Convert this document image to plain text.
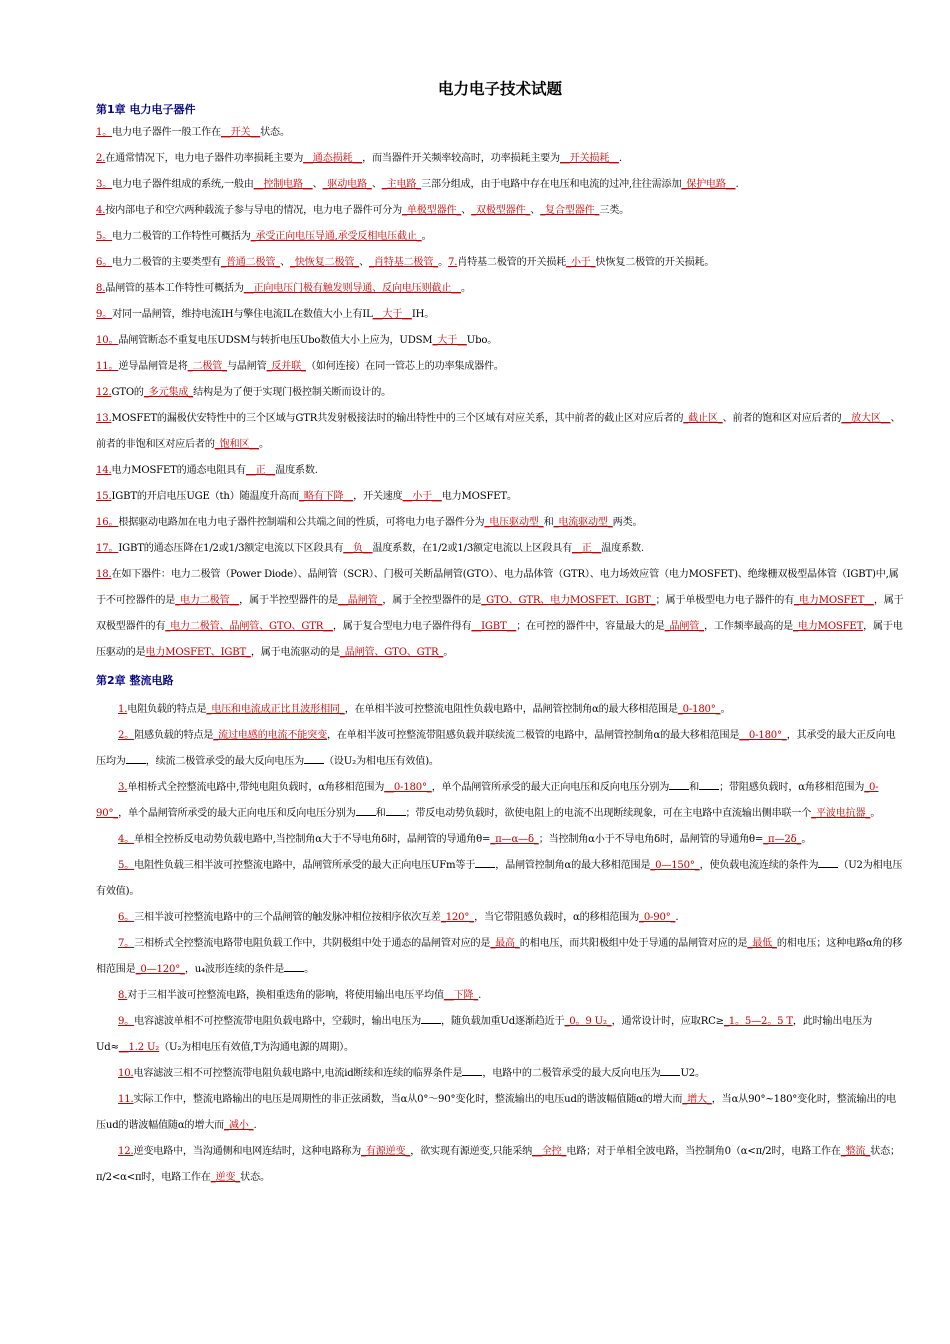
电力电子技术试题
第1章 电力电子器件
1。电力电子器件一般工作在__开关__状态。
2.在通常情况下，电力电子器件功率损耗主要为__通态损耗__，而当器件开关频率较高时，功率损耗主要为__开关损耗__.
3。电力电子器件组成的系统,一般由__控制电路__、_驱动电路_、_主电路_三部分组成，由于电路中存在电压和电流的过冲,往往需添加_保护电路__.
4.按内部电子和空穴两种载流子参与导电的情况，电力电子器件可分为_单极型器件_、_双极型器件_、_复合型器件_三类。
5。电力二极管的工作特性可概括为_承受正向电压导通,承受反相电压截止_。
6。电力二极管的主要类型有_普通二极管_、_快恢复二极管_、_肖特基二极管_。7.肖特基二极管的开关损耗_小于_快恢复二极管的开关损耗。
8.晶闸管的基本工作特性可概括为__正向电压门极有触发则导通、反向电压则截止__。
9。对同一晶闸管，维持电流IH与擎住电流IL在数值大小上有IL__大于__IH。
10。晶闸管断态不重复电压UDSM与转折电压Ubo数值大小上应为，UDSM_大于__Ubo。
11。逆导晶闸管是将_二极管_与晶闸管_反并联_（如何连接）在同一管芯上的功率集成器件。
12.GTO的_多元集成_结构是为了便于实现门极控制关断而设计的。
13.MOSFET的漏极伏安特性中的三个区域与GTR共发射极接法时的输出特性中的三个区域有对应关系，其中前者的截止区对应后者的_截止区_、前者的饱和区对应后者的__放大区__、前者的非饱和区对应后者的_饱和区__。
14.电力MOSFET的通态电阻具有__正__温度系数.
15.IGBT的开启电压UGE（th）随温度升高而_略有下降__，开关速度__小于__电力MOSFET。
16。根据驱动电路加在电力电子器件控制端和公共端之间的性质，可将电力电子器件分为_电压驱动型_和_电流驱动型_两类。
17。IGBT的通态压降在1/2或1/3额定电流以下区段具有__负__温度系数，在1/2或1/3额定电流以上区段具有__正__温度系数.
18.在如下器件：电力二极管（Power Diode）、晶闸管（SCR）、门极可关断晶闸管(GTO）、电力晶体管（GTR）、电力场效应管（电力MOSFET)、绝缘栅双极型晶体管（IGBT)中,属于不可控器件的是_电力二极管__，属于半控型器件的是__晶闸管_，属于全控型器件的是_GTO、GTR、电力MOSFET、IGBT_；属于单极型电力电子器件的有_电力MOSFET__，属于双极型器件的有_电力二极管、晶闸管、GTO、GTR__，属于复合型电力电子器件得有__IGBT__；在可控的器件中，容量最大的是_晶闸管_，工作频率最高的是_电力MOSFET，属于电压驱动的是电力MOSFET、IGBT_，属于电流驱动的是_晶闸管、GTO、GTR_。
第2章 整流电路
1.电阻负载的特点是_电压和电流成正比且波形相同_，在单相半波可控整流电阻性负载电路中，晶闸管控制角α的最大移相范围是_0-180°_。
2。阻感负载的特点是_流过电感的电流不能突变，在单相半波可控整流带阻感负载并联续流二极管的电路中，晶闸管控制角α的最大移相范围是__0-180°_，其承受的最大正反向电压均为 ，续流二极管承受的最大反向电压为 （设U₂为相电压有效值)。
3.单相桥式全控整流电路中,带纯电阻负载时，α角移相范围为__0-180°_，单个晶闸管所承受的最大正向电压和反向电压分别为 和 ；带阻感负载时，α角移相范围为_0-90°_，单个晶闸管所承受的最大正向电压和反向电压分别为 和 ；带反电动势负载时，欲使电阻上的电流不出现断续现象，可在主电路中直流输出侧串联一个_平波电抗器_。
4。单相全控桥反电动势负载电路中,当控制角α大于不导电角δ时，晶闸管的导通角θ=_π—α—δ_；当控制角α小于不导电角δ时，晶闸管的导通角θ=_π—2δ_。
5。电阻性负载三相半波可控整流电路中，晶闸管所承受的最大正向电压UFm等于 ，晶闸管控制角α的最大移相范围是_0—150°_，使负载电流连续的条件为 （U2为相电压有效值)。
6。三相半波可控整流电路中的三个晶闸管的触发脉冲相位按相序依次互差_120°_，当它带阻感负载时，α的移相范围为_0-90°_.
7。三相桥式全控整流电路带电阻负载工作中，共阴极组中处于通态的晶闸管对应的是_最高_的相电压，而共阳极组中处于导通的晶闸管对应的是_最低_的相电压；这种电路α角的移相范围是_0—120°_，u₄波形连续的条件是 。
8.对于三相半波可控整流电路，换相重迭角的影响，将使用输出电压平均值__下降_.
9。电容滤波单相不可控整流带电阻负载电路中，空载时，输出电压为 ，随负载加重Ud逐渐趋近于_0。9 U₂_，通常设计时，应取RC≥_1。5—2。5 T，此时输出电压为Ud≈__1.2 U₂（U₂为相电压有效值,T为沟通电源的周期）。
10.电容滤波三相不可控整流带电阻负载电路中,电流id断续和连续的临界条件是 ，电路中的二极管承受的最大反向电压为 U2。
11.实际工作中，整流电路输出的电压是周期性的非正弦函数，当α从0°～90°变化时，整流输出的电压ud的谐波幅值随α的增大而_增大_，当α从90°~180°变化时，整流输出的电压ud的谐波幅值随α的增大而_减小_.
12.逆变电路中，当沟通侧和电网连结时，这种电路称为_有源逆变_，欲实现有源逆变,只能采纳__全控_电路；对于单相全波电路，当控制角0（α<π/2时，电路工作在_整流_状态；π/2<α<π时，电路工作在_逆变_状态。
